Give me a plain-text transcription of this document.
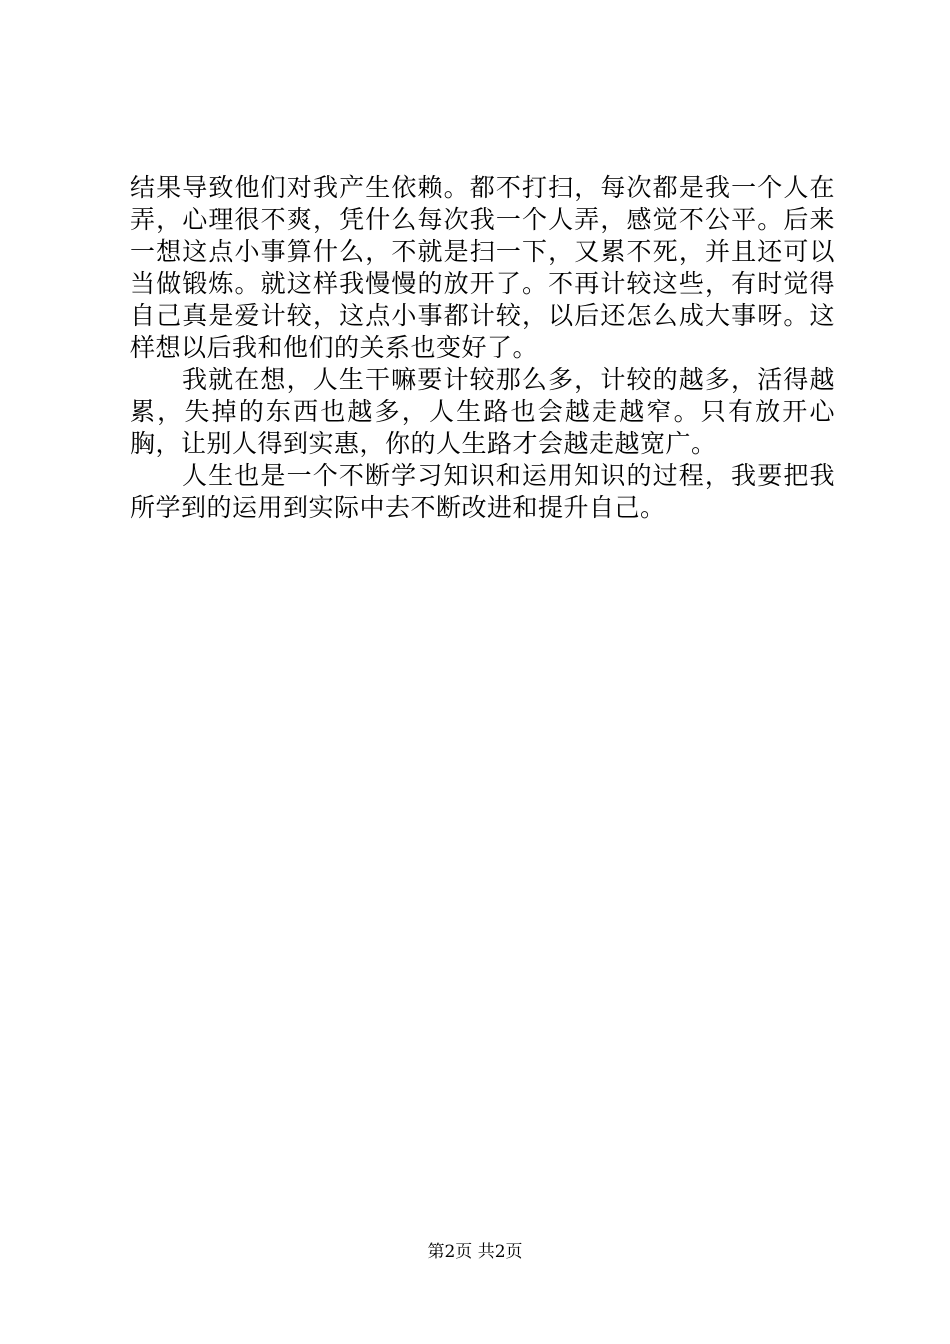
结果导致他们对我产生依赖。都不打扫，每次都是我一个人在弄，心理很不爽，凭什么每次我一个人弄，感觉不公平。后来一想这点小事算什么，不就是扫一下，又累不死，并且还可以当做锻炼。就这样我慢慢的放开了。不再计较这些，有时觉得自己真是爱计较，这点小事都计较，以后还怎么成大事呀。这样想以后我和他们的关系也变好了。

我就在想，人生干嘛要计较那么多，计较的越多，活得越累，失掉的东西也越多，人生路也会越走越窄。只有放开心胸，让别人得到实惠，你的人生路才会越走越宽广。

人生也是一个不断学习知识和运用知识的过程，我要把我所学到的运用到实际中去不断改进和提升自己。

第2页 共2页
